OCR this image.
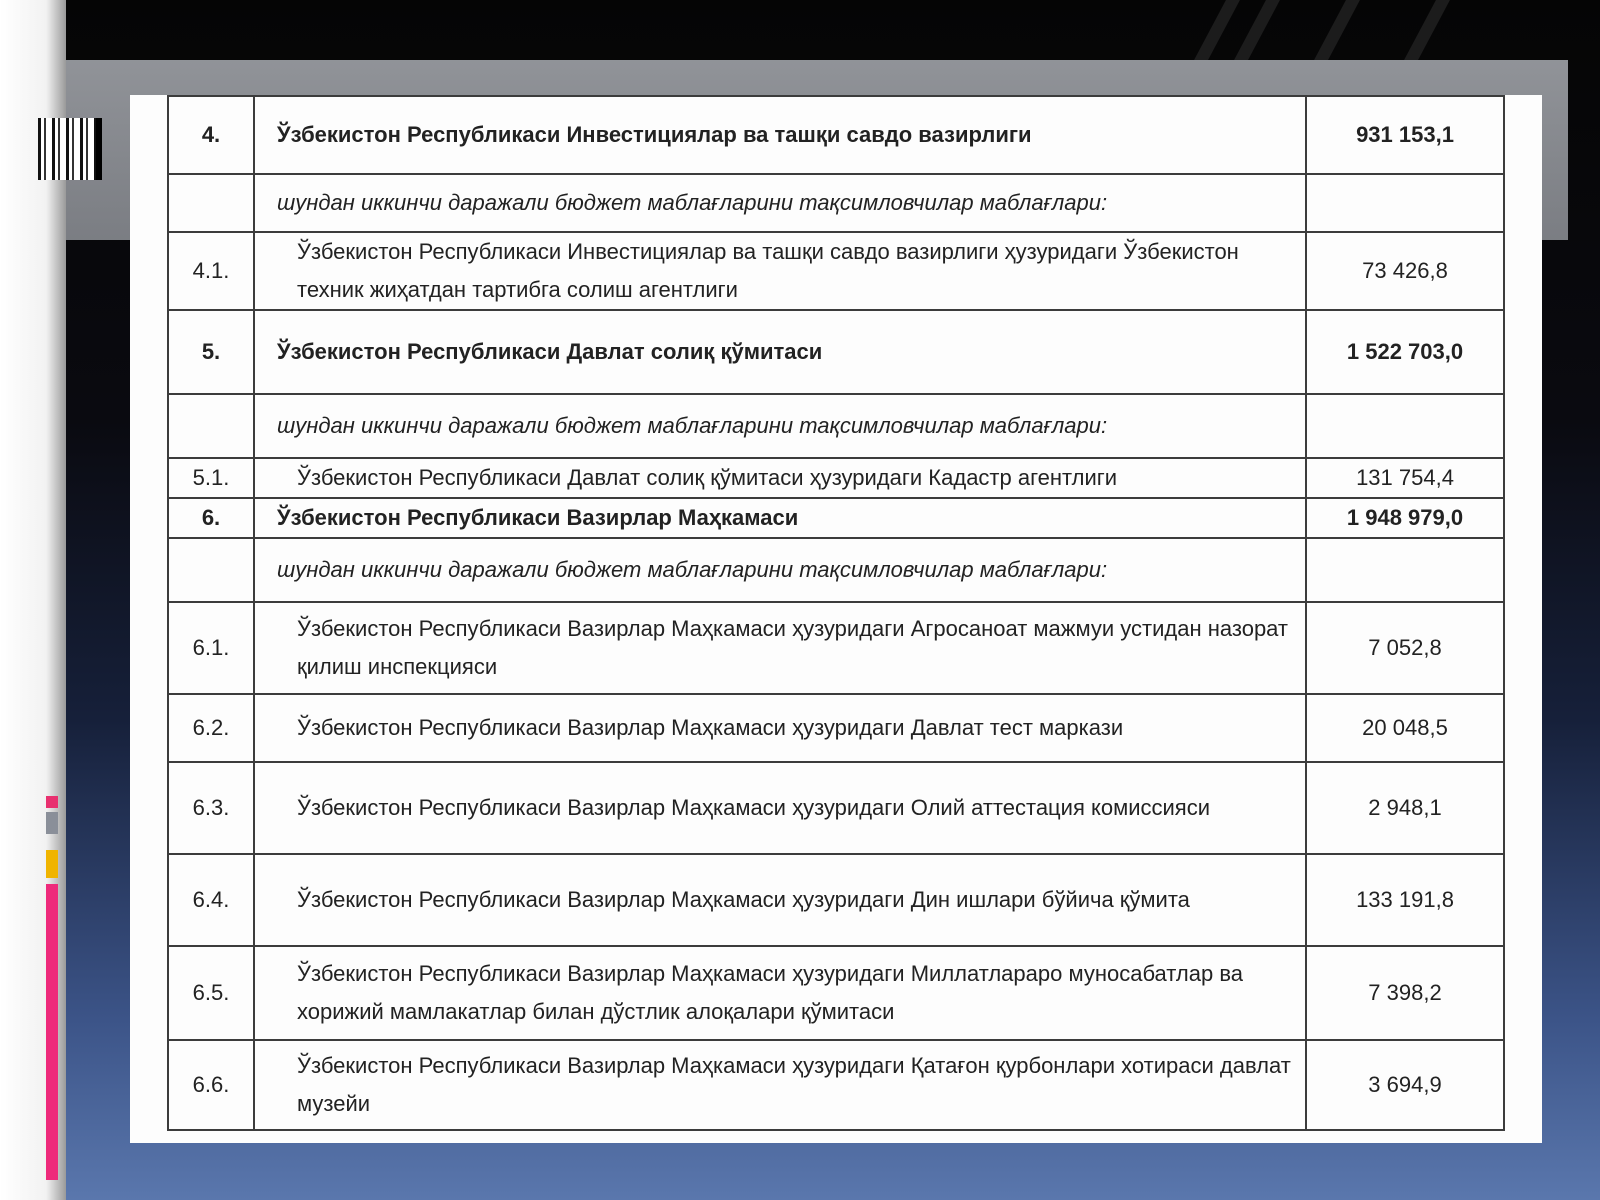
4.	Ўзбекистон Республикаси Инвестициялар ва ташқи савдо вазирлиги	931 153,1
	шундан иккинчи даражали бюджет маблағларини тақсимловчилар маблағлари:	
4.1.	Ўзбекистон Республикаси Инвестициялар ва ташқи савдо вазирлиги ҳузуридаги Ўзбекистон техник жиҳатдан тартибга солиш агентлиги	73 426,8
5.	Ўзбекистон Республикаси Давлат солиқ қўмитаси	1 522 703,0
	шундан иккинчи даражали бюджет маблағларини тақсимловчилар маблағлари:	
5.1.	Ўзбекистон Республикаси Давлат солиқ қўмитаси ҳузуридаги Кадастр агентлиги	131 754,4
6.	Ўзбекистон Республикаси Вазирлар Маҳкамаси	1 948 979,0
	шундан иккинчи даражали бюджет маблағларини тақсимловчилар маблағлари:	
6.1.	Ўзбекистон Республикаси Вазирлар Маҳкамаси ҳузуридаги Агросаноат мажмуи устидан назорат қилиш инспекцияси	7 052,8
6.2.	Ўзбекистон Республикаси Вазирлар Маҳкамаси ҳузуридаги Давлат тест маркази	20 048,5
6.3.	Ўзбекистон Республикаси Вазирлар Маҳкамаси ҳузуридаги Олий аттестация комиссияси	2 948,1
6.4.	Ўзбекистон Республикаси Вазирлар Маҳкамаси ҳузуридаги Дин ишлари бўйича қўмита	133 191,8
6.5.	Ўзбекистон Республикаси Вазирлар Маҳкамаси ҳузуридаги Миллатлараро муносабатлар ва хорижий мамлакатлар билан дўстлик алоқалари қўмитаси	7 398,2
6.6.	Ўзбекистон Республикаси Вазирлар Маҳкамаси ҳузуридаги Қатағон қурбонлари хотираси давлат музейи	3 694,9
